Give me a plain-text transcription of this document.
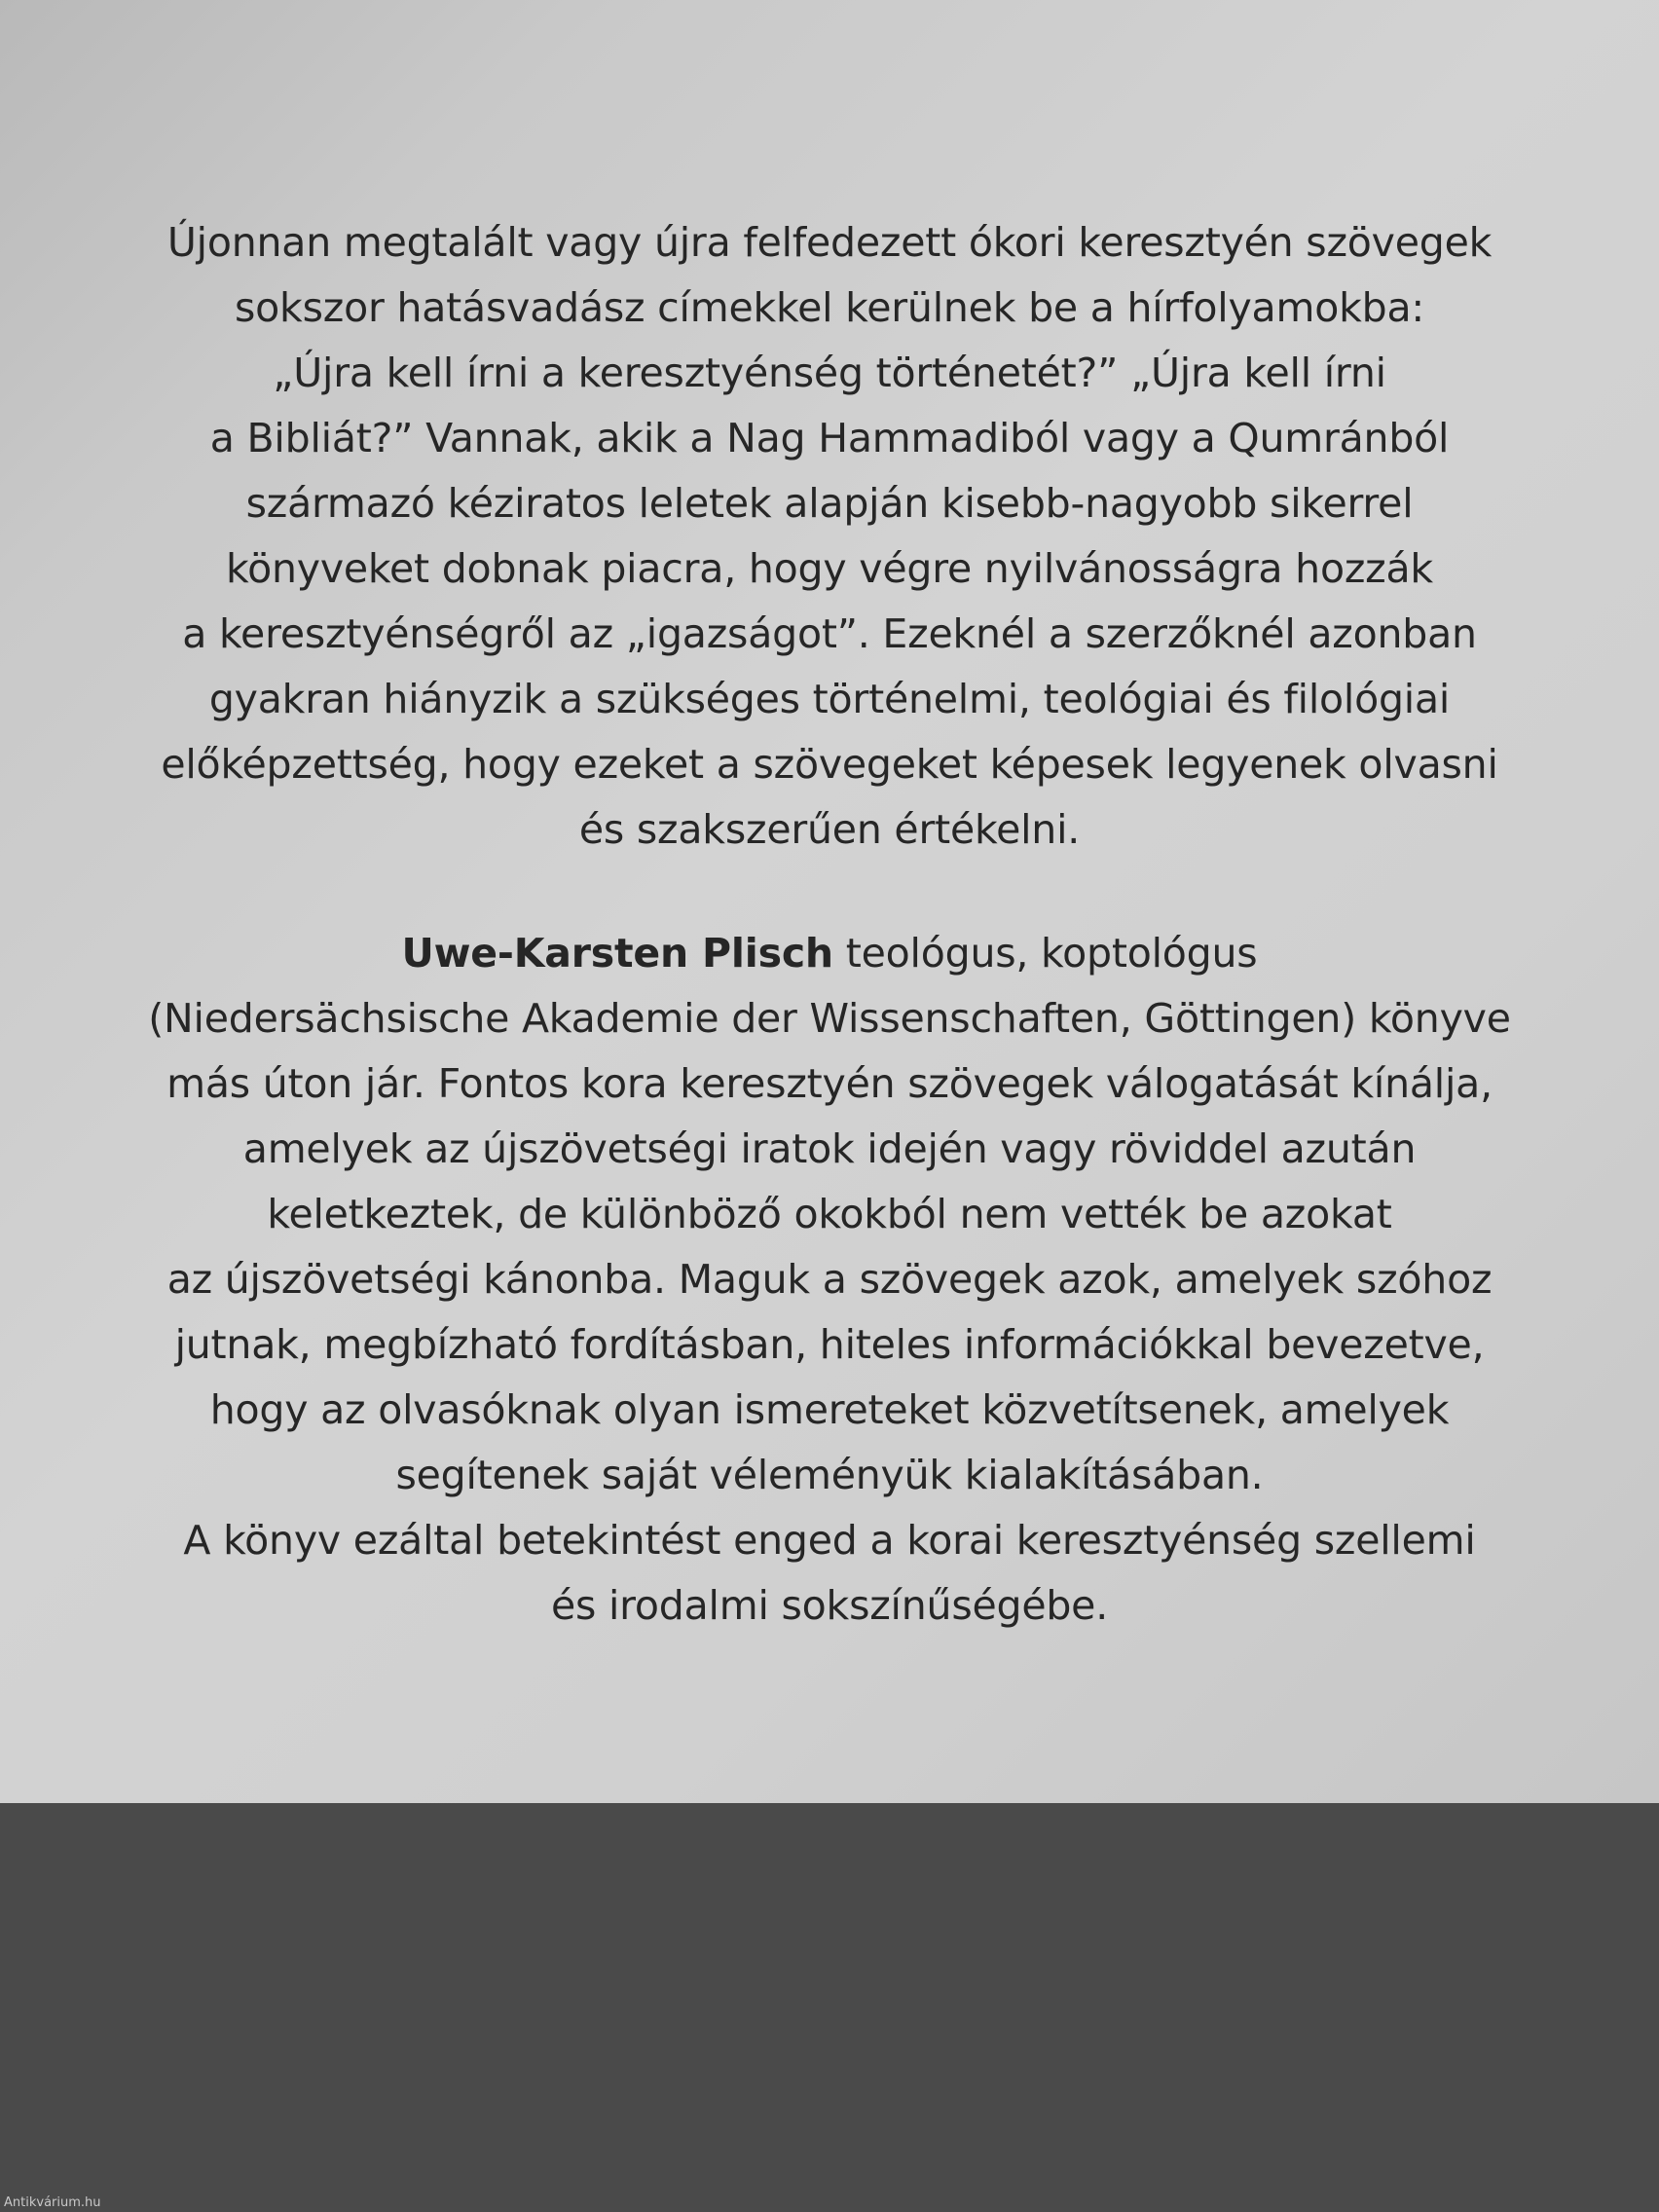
Újonnan megtalált vagy újra felfedezett ókori keresztyén szövegek
sokszor hatásvadász címekkel kerülnek be a hírfolyamokba:
„Újra kell írni a keresztyénség történetét?” „Újra kell írni
a Bibliát?” Vannak, akik a Nag Hammadiból vagy a Qumránból
származó kéziratos leletek alapján kisebb-nagyobb sikerrel
könyveket dobnak piacra, hogy végre nyilvánosságra hozzák
a keresztyénségről az „igazságot”. Ezeknél a szerzőknél azonban
gyakran hiányzik a szükséges történelmi, teológiai és filológiai
előképzettség, hogy ezeket a szövegeket képesek legyenek olvasni
és szakszerűen értékelni.
Uwe-Karsten Plisch teológus, koptológus
(Niedersächsische Akademie der Wissenschaften, Göttingen) könyve
más úton jár. Fontos kora keresztyén szövegek válogatását kínálja,
amelyek az újszövetségi iratok idején vagy röviddel azután
keletkeztek, de különböző okokból nem vették be azokat
az újszövetségi kánonba. Maguk a szövegek azok, amelyek szóhoz
jutnak, megbízható fordításban, hiteles információkkal bevezetve,
hogy az olvasóknak olyan ismereteket közvetítsenek, amelyek
segítenek saját véleményük kialakításában.
A könyv ezáltal betekintést enged a korai keresztyénség szellemi
és irodalmi sokszínűségébe.
Antikvárium.hu
